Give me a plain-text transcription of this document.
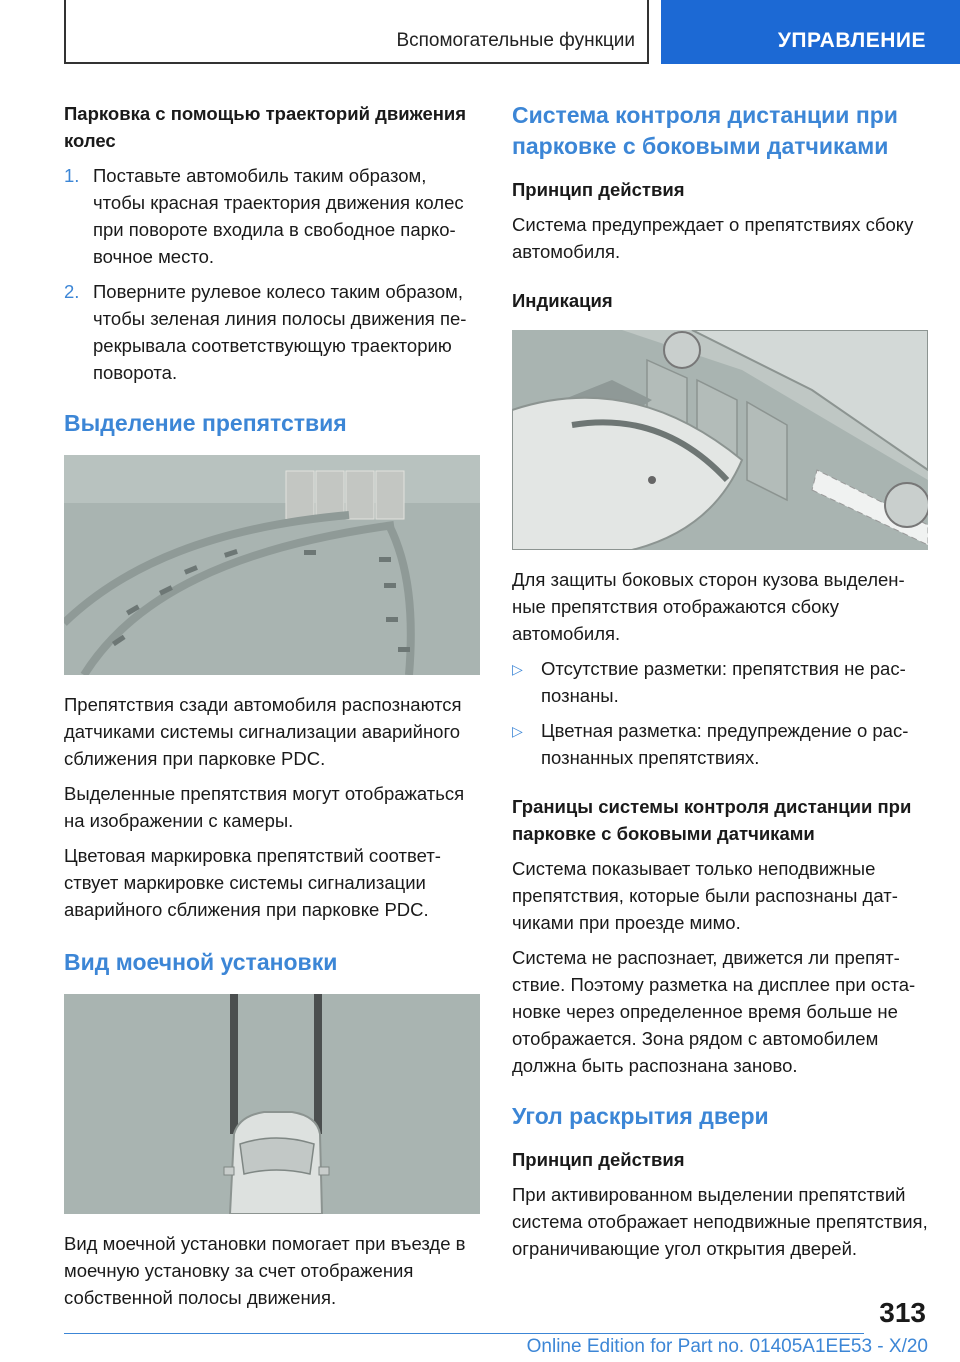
Вспомогательные функции	УПРАВЛЕНИЕ
Парковка с помощью траекторий движения колес
1. Поставьте автомобиль таким образом, чтобы красная траектория движения колес при повороте входила в свободное парковочное место.
2. Поверните рулевое колесо таким образом, чтобы зеленая линия полосы движения перекрывала соответствующую траекторию поворота.
Выделение препятствия

Препятствия сзади автомобиля распознаются датчиками системы сигнализации аварийного сближения при парковке PDC.

Выделенные препятствия могут отображаться на изображении с камеры.

Цветовая маркировка препятствий соответствует маркировке системы сигнализации аварийного сближения при парковке PDC.

Вид моечной установки

Вид моечной установки помогает при въезде в моечную установку за счет отображения собственной полосы движения.

Система контроля дистанции при парковке с боковыми датчиками
Принцип действия

Система предупреждает о препятствиях сбоку автомобиля.

Индикация

Для защиты боковых сторон кузова выделенные препятствия отображаются сбоку автомобиля.

▷ Отсутствие разметки: препятствия не распознаны.
▷ Цветная разметка: предупреждение о распознанных препятствиях.
Границы системы контроля дистанции при парковке с боковыми датчиками

Система показывает только неподвижные препятствия, которые были распознаны датчиками при проезде мимо.

Система не распознает, движется ли препятствие. Поэтому разметка на дисплее при остановке через определенное время больше не отображается. Зона рядом с автомобилем должна быть распознана заново.

Угол раскрытия двери
Принцип действия

При активированном выделении препятствий система отображает неподвижные препятствия, ограничивающие угол открытия дверей.

313
Online Edition for Part no. 01405A1EE53 - X/20
